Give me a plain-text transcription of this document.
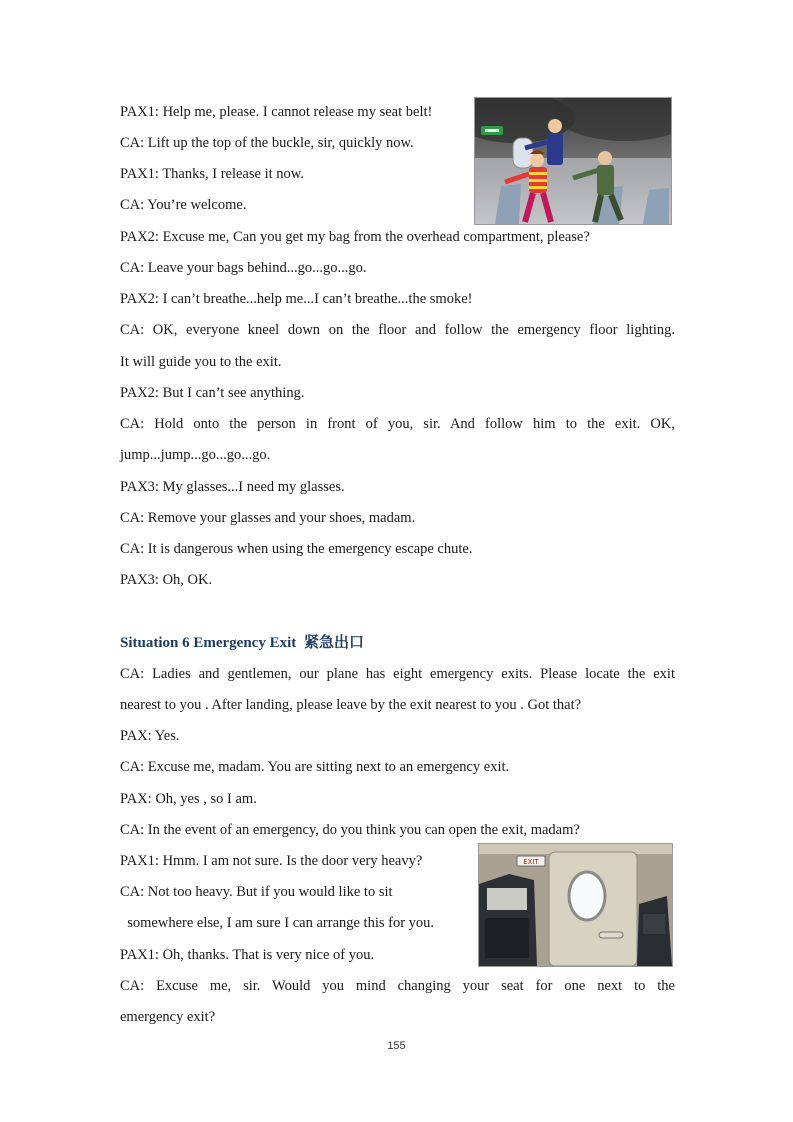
PAX1: Help me, please. I cannot release my seat belt!
CA: Lift up the top of the buckle, sir, quickly now.
PAX1: Thanks, I release it now.
CA: You’re welcome.
PAX2: Excuse me, Can you get my bag from the overhead compartment, please?
CA: Leave your bags behind...go...go...go.
PAX2: I can’t breathe...help me...I can’t breathe...the smoke!
CA: OK, everyone kneel down on the floor and follow the emergency floor lighting.
It will guide you to the exit.
PAX2: But I can’t see anything.
CA: Hold onto the person in front of you, sir. And follow him to the exit. OK,
jump...jump...go...go...go.
PAX3: My glasses...I need my glasses.
CA: Remove your glasses and your shoes, madam.
CA: It is dangerous when using the emergency escape chute.
PAX3: Oh, OK.
Situation 6 Emergency Exit 紧急出口
CA: Ladies and gentlemen, our plane has eight emergency exits. Please locate the exit
nearest to you . After landing, please leave by the exit nearest to you . Got that?
PAX: Yes.
CA: Excuse me, madam. You are sitting next to an emergency exit.
PAX: Oh, yes , so I am.
CA: In the event of an emergency, do you think you can open the exit, madam?
PAX1: Hmm. I am not sure. Is the door very heavy?
CA: Not too heavy. But if you would like to sit
somewhere else, I am sure I can arrange this for you.
PAX1: Oh, thanks. That is very nice of you.
CA: Excuse me, sir. Would you mind changing your seat for one next to the
emergency exit?
EXIT
155
